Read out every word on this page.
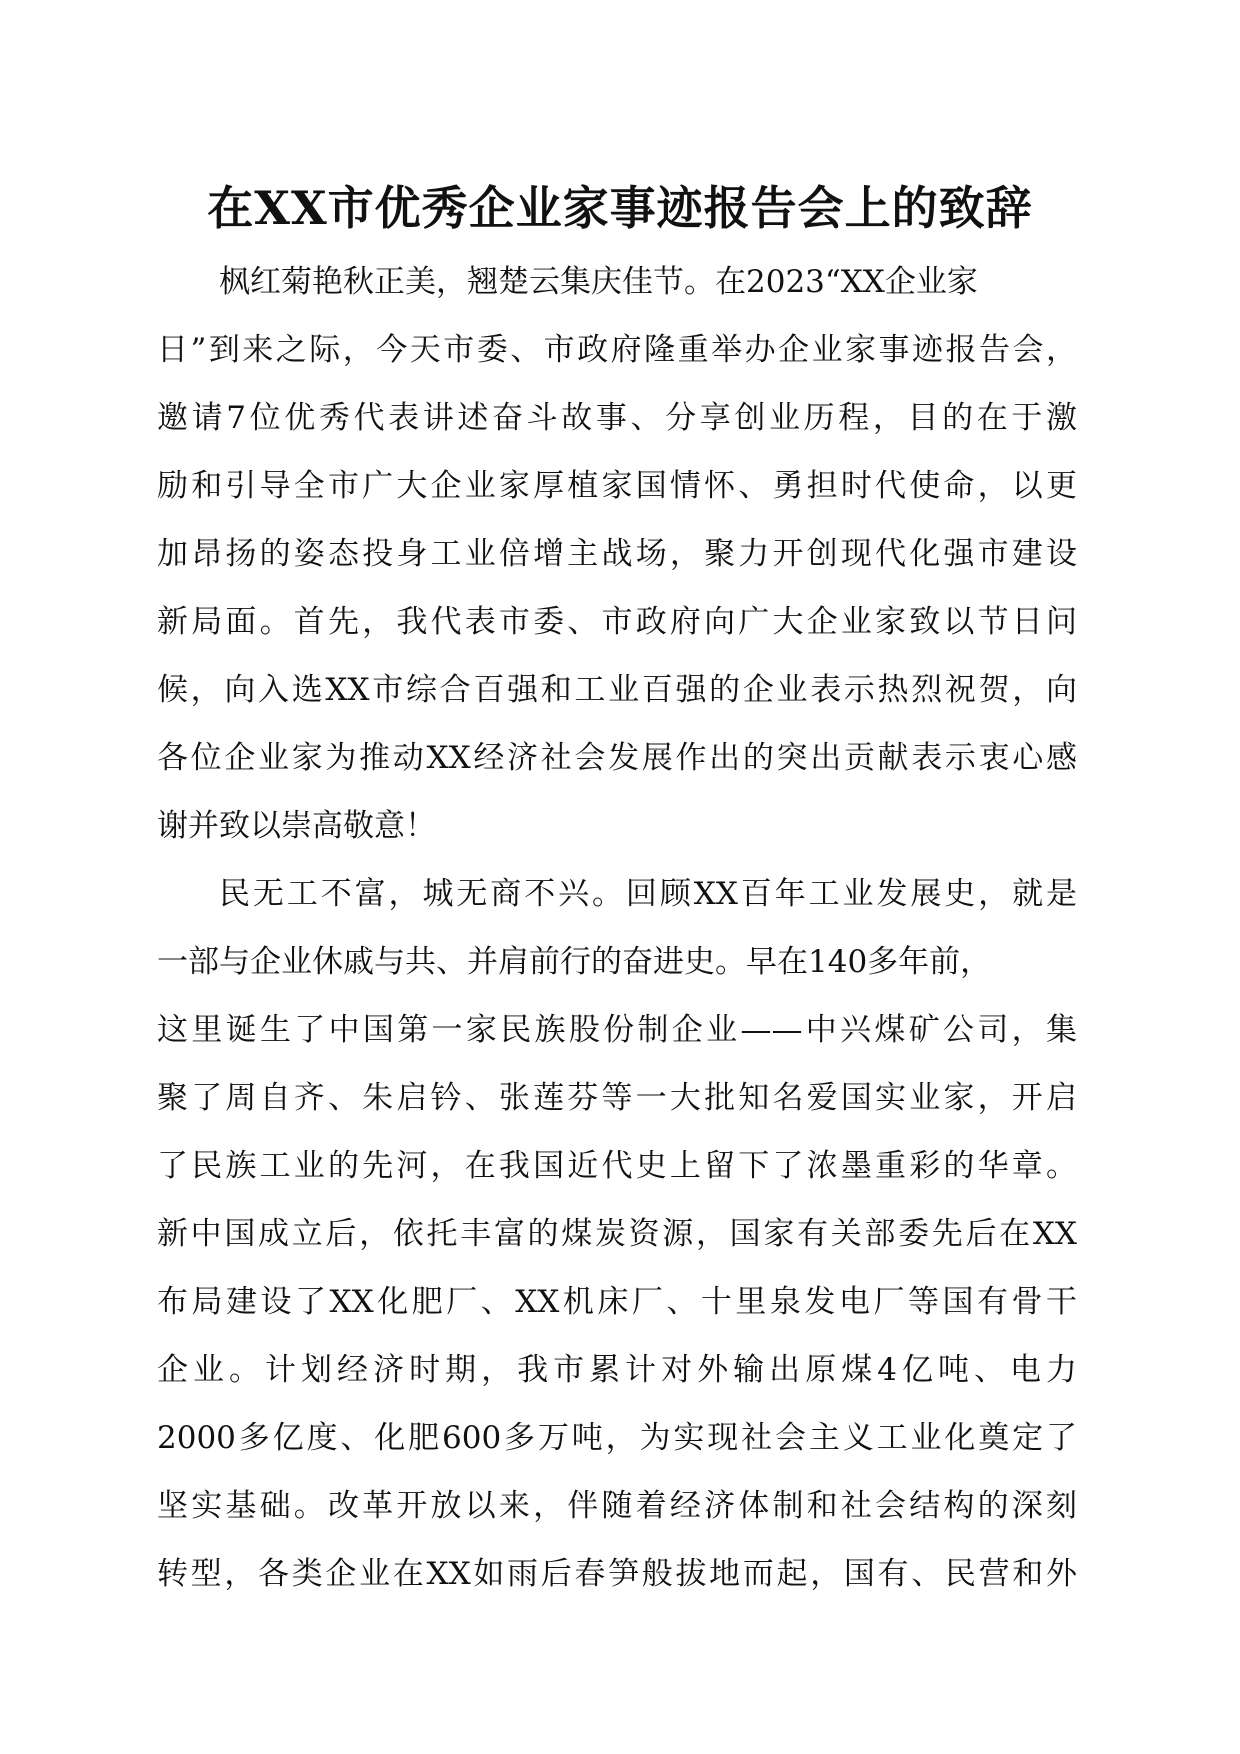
在XX市优秀企业家事迹报告会上的致辞
枫红菊艳秋正美，翘楚云集庆佳节。在2023“XX企业家
日”到来之际，今天市委、市政府隆重举办企业家事迹报告会，
邀请7位优秀代表讲述奋斗故事、分享创业历程，目的在于激
励和引导全市广大企业家厚植家国情怀、勇担时代使命，以更
加昂扬的姿态投身工业倍增主战场，聚力开创现代化强市建设
新局面。首先，我代表市委、市政府向广大企业家致以节日问
候，向入选XX市综合百强和工业百强的企业表示热烈祝贺，向
各位企业家为推动XX经济社会发展作出的突出贡献表示衷心感
谢并致以崇高敬意！
民无工不富，城无商不兴。回顾XX百年工业发展史，就是
一部与企业休戚与共、并肩前行的奋进史。早在140多年前，
这里诞生了中国第一家民族股份制企业——中兴煤矿公司，集
聚了周自齐、朱启钤、张莲芬等一大批知名爱国实业家，开启
了民族工业的先河，在我国近代史上留下了浓墨重彩的华章。
新中国成立后，依托丰富的煤炭资源，国家有关部委先后在XX
布局建设了XX化肥厂、XX机床厂、十里泉发电厂等国有骨干
企业。计划经济时期，我市累计对外输出原煤4亿吨、电力
2000多亿度、化肥600多万吨，为实现社会主义工业化奠定了
坚实基础。改革开放以来，伴随着经济体制和社会结构的深刻
转型，各类企业在XX如雨后春笋般拔地而起，国有、民营和外
